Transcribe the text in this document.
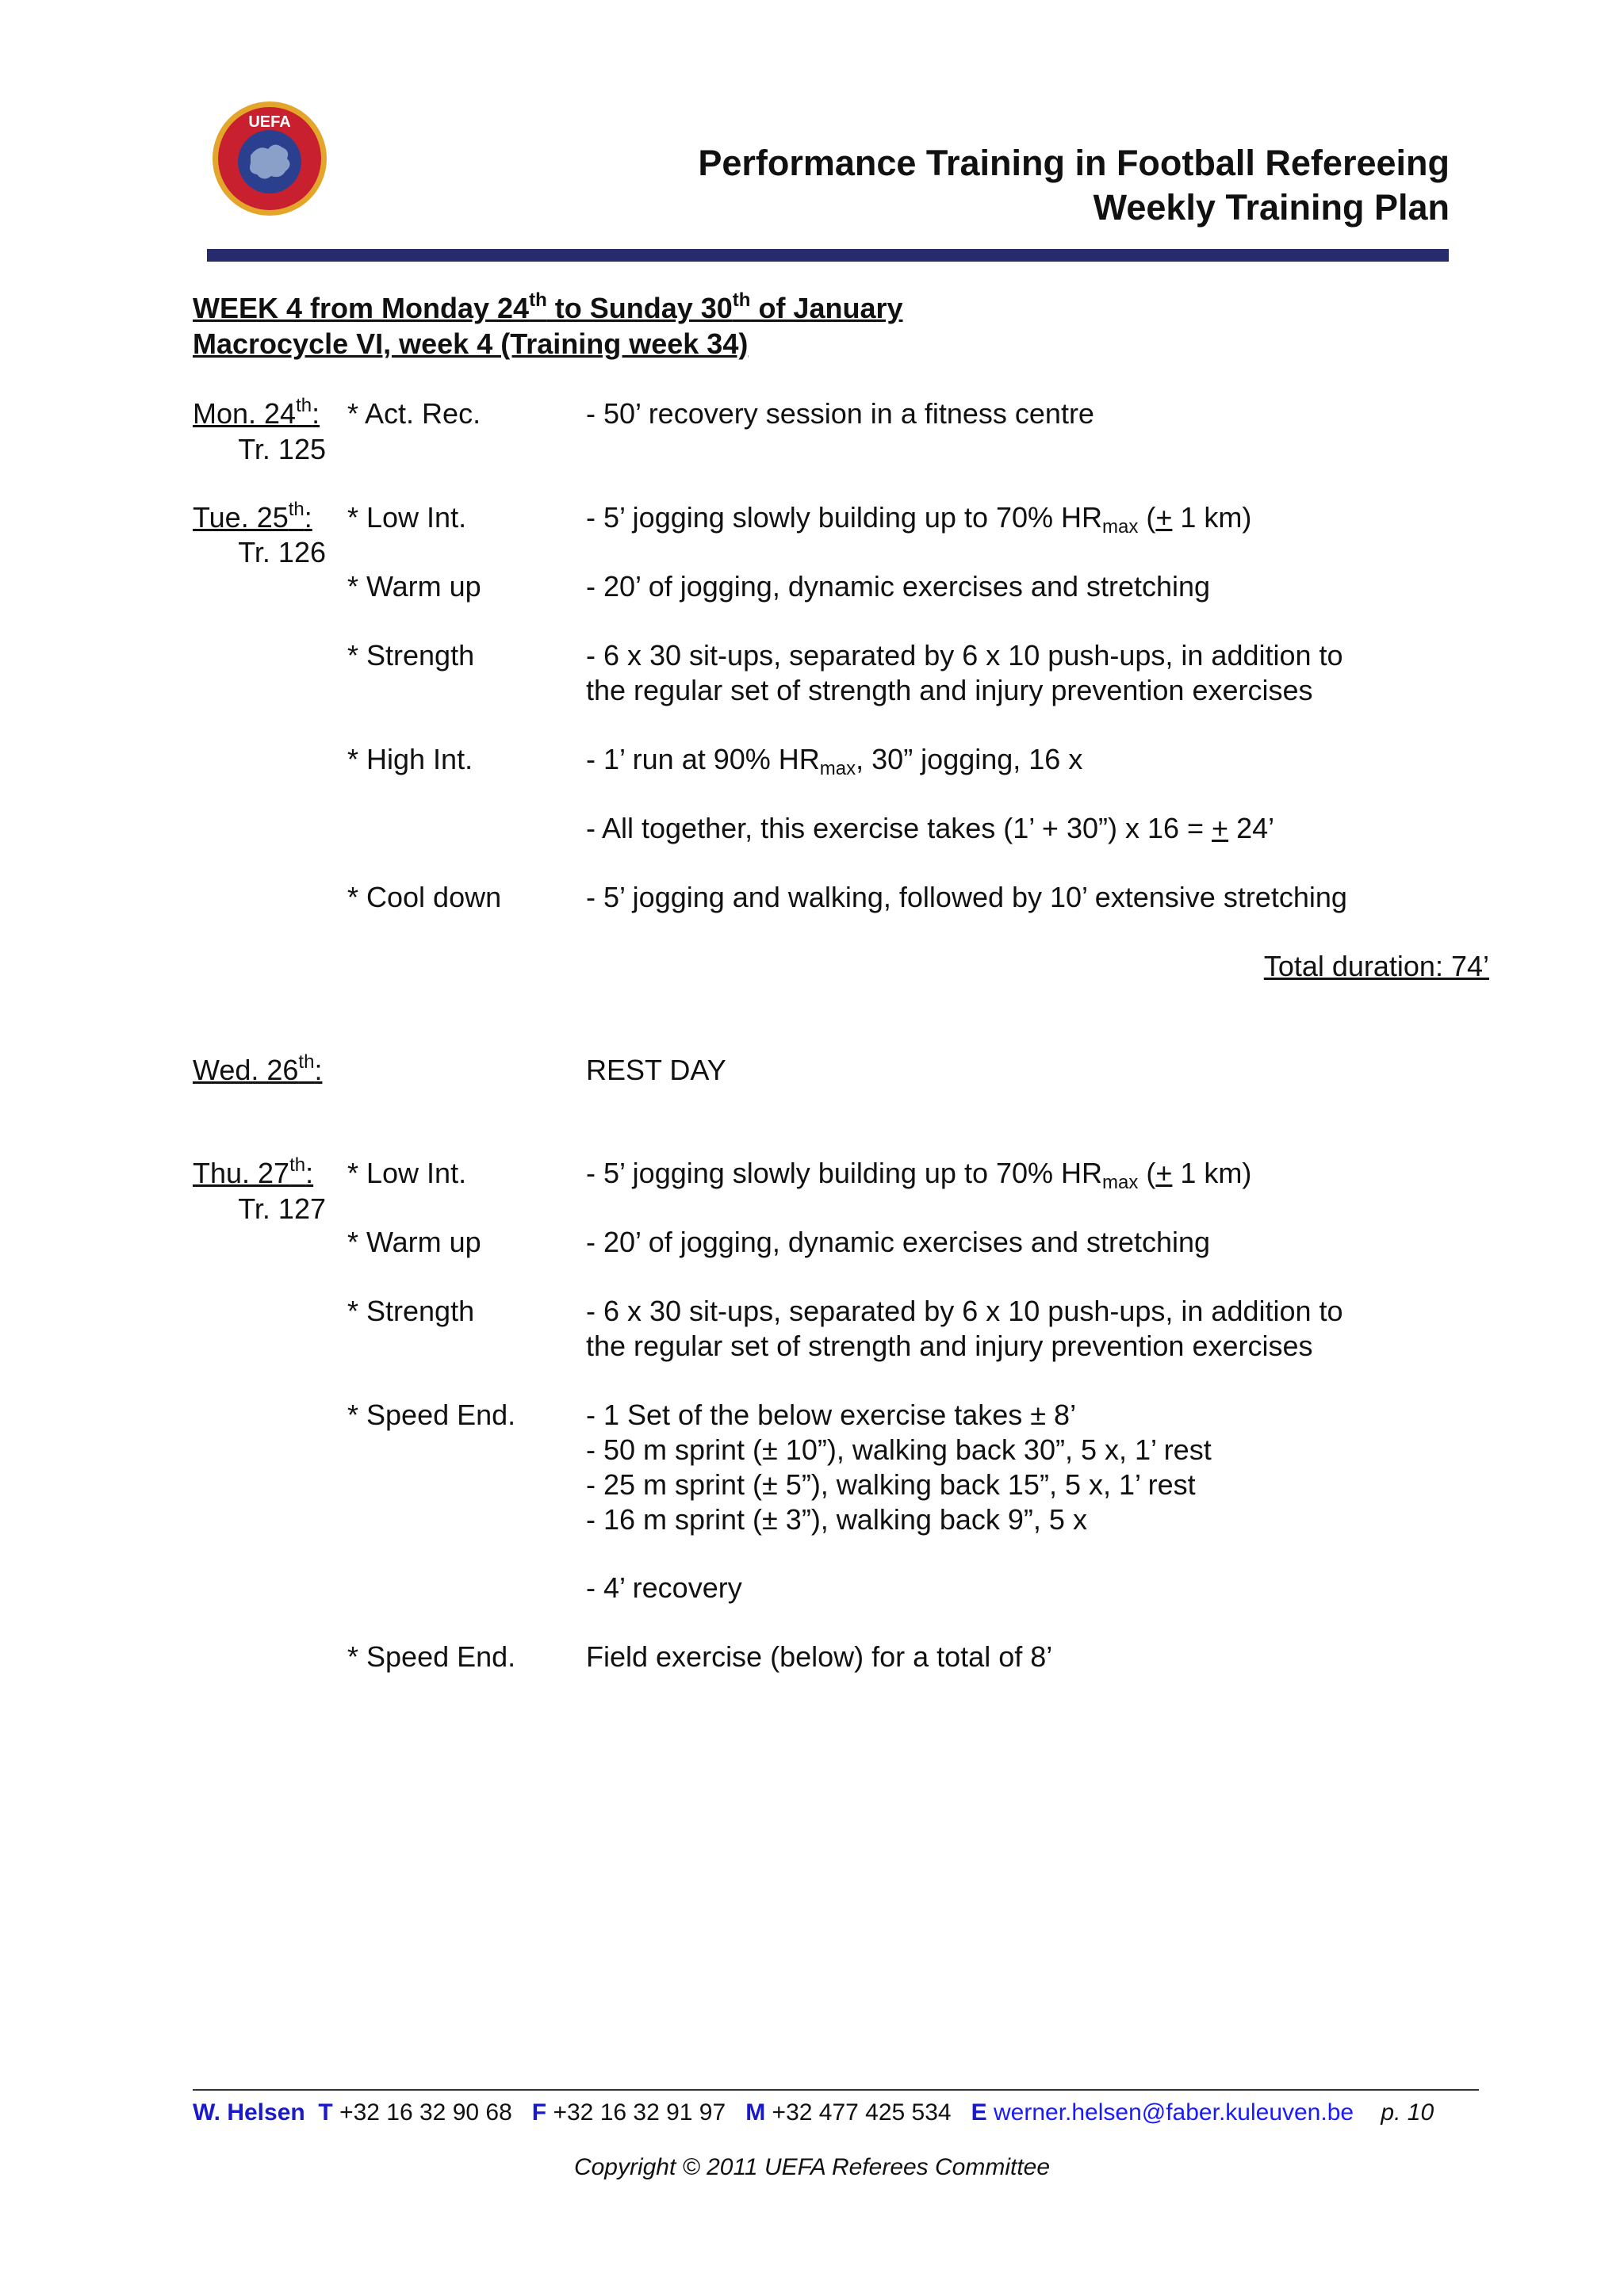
UEFA
Performance Training in Football Refereeing
Weekly Training Plan
WEEK 4 from Monday 24th to Sunday 30th of January
Macrocycle VI, week 4 (Training week 34)
Mon. 24th:
Tr. 125
* Act. Rec.	- 50’ recovery session in a fitness centre
Tue. 25th:
Tr. 126
* Low Int.	- 5’ jogging slowly building up to 70% $HR_{max}$ (+ 1 km)
* Warm up	- 20’ of jogging, dynamic exercises and stretching
* Strength	- 6 x 30 sit-ups, separated by 6 x 10 push-ups, in addition to
the regular set of strength and injury prevention exercises
* High Int.	- 1’ run at 90% $HR_{max}$, 30” jogging, 16 x
- All together, this exercise takes (1’ + 30”) x 16 = + 24’
* Cool down	- 5’ jogging and walking, followed by 10’ extensive stretching
Total duration: 74’
Wed. 26th:	REST DAY
Thu. 27th:
Tr. 127
* Low Int.	- 5’ jogging slowly building up to 70% $HR_{max}$ (+ 1 km)
* Warm up	- 20’ of jogging, dynamic exercises and stretching
* Strength	- 6 x 30 sit-ups, separated by 6 x 10 push-ups, in addition to
the regular set of strength and injury prevention exercises
* Speed End. - 1 Set of the below exercise takes ± 8’
- 50 m sprint (± 10”), walking back 30”, 5 x, 1’ rest
- 25 m sprint (± 5”), walking back 15”, 5 x, 1’ rest
- 16 m sprint (± 3”), walking back 9”, 5 x
- 4’ recovery
* Speed End. Field exercise (below) for a total of 8’
W. Helsen T +32 16 32 90 68 F +32 16 32 91 97 M +32 477 425 534 E werner.helsen@faber.kuleuven.be p. 10
Copyright © 2011 UEFA Referees Committee
